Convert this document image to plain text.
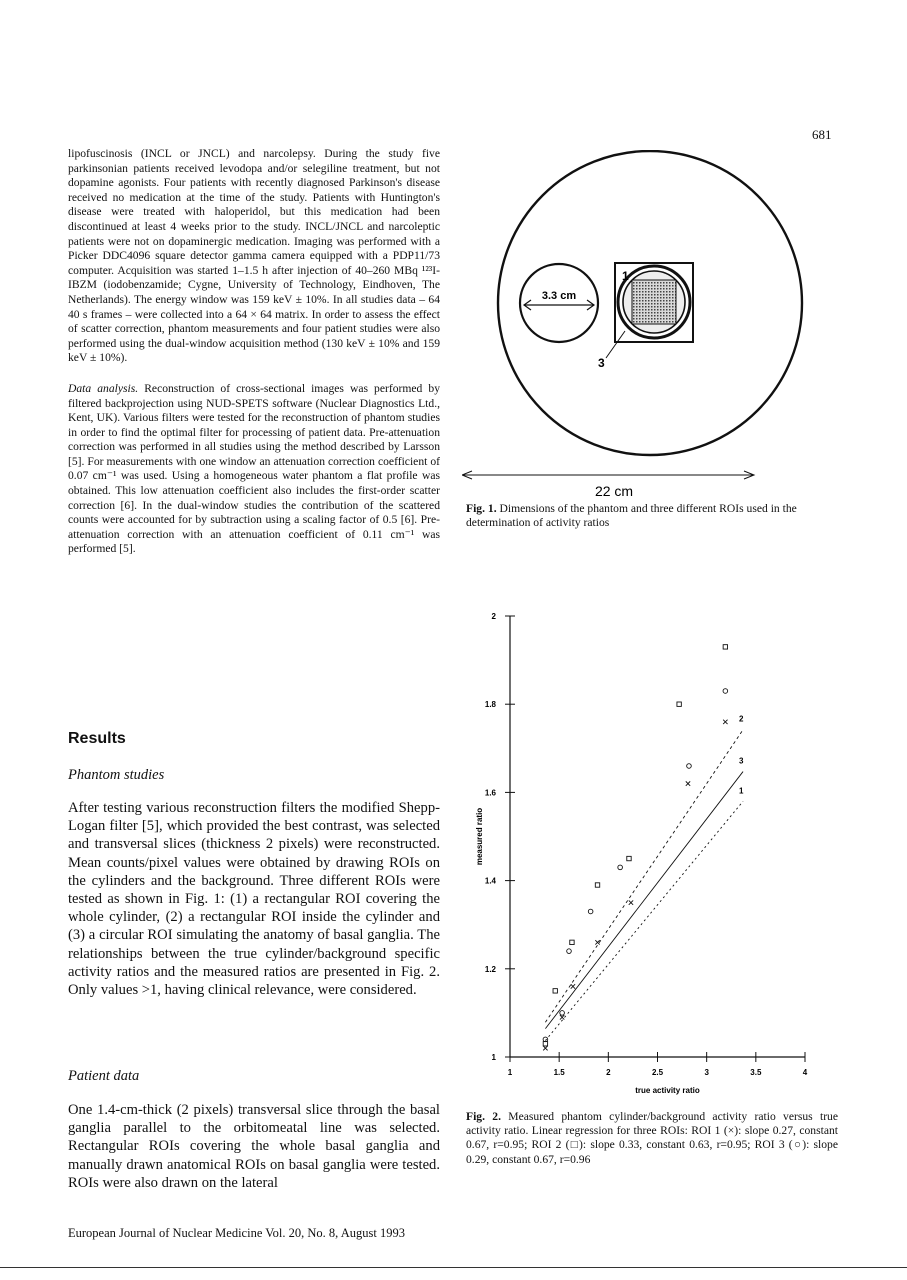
681

lipofuscinosis (INCL or JNCL) and narcolepsy. During the study five parkinsonian patients received levodopa and/or selegiline treatment, but not dopamine agonists. Four patients with recently diagnosed Parkinson's disease received no medication at the time of the study. Patients with Huntington's disease were treated with haloperidol, but this medication had been discontinued at least 4 weeks prior to the study. INCL/JNCL and narcoleptic patients were not on dopaminergic medication. Imaging was performed with a Picker DDC4096 square detector gamma camera equipped with a PDP11/73 computer. Acquisition was started 1–1.5 h after injection of 40–260 MBq ¹²³I-IBZM (iodobenzamide; Cygne, University of Technology, Eindhoven, The Netherlands). The energy window was 159 keV ± 10%. In all studies data – 64 40 s frames – were collected into a 64 × 64 matrix. In order to assess the effect of scatter correction, phantom measurements and four patient studies were also performed using the dual-window acquisition method (130 keV ± 10% and 159 keV ± 10%).

Data analysis. Reconstruction of cross-sectional images was performed by filtered backprojection using NUD-SPETS software (Nuclear Diagnostics Ltd., Kent, UK). Various filters were tested for the reconstruction of phantom studies in order to find the optimal filter for processing of patient data. Pre-attenuation correction was performed in all studies using the method described by Larsson [5]. For measurements with one window an attenuation correction coefficient of 0.07 cm⁻¹ was used. Using a homogeneous water phantom a flat profile was obtained. This low attenuation coefficient also includes the first-order scatter correction [6]. In the dual-window studies the contribution of the scattered counts were accounted for by subtraction using a scaling factor of 0.5 [6]. Pre-attenuation correction with an attenuation coefficient of 0.11 cm⁻¹ was performed [5].

Results
Phantom studies

After testing various reconstruction filters the modified Shepp-Logan filter [5], which provided the best contrast, was selected and transversal slices (thickness 2 pixels) were reconstructed. Mean counts/pixel values were obtained by drawing ROIs on the cylinders and the background. Three different ROIs were tested as shown in Fig. 1: (1) a rectangular ROI covering the whole cylinder, (2) a rectangular ROI inside the cylinder and (3) a circular ROI simulating the anatomy of basal ganglia. The relationships between the true cylinder/background specific activity ratios and the measured ratios are presented in Fig. 2. Only values >1, having clinical relevance, were considered.

Patient data

One 1.4-cm-thick (2 pixels) transversal slice through the basal ganglia parallel to the orbitomeatal line was selected. Rectangular ROIs covering the whole basal ganglia and manually drawn anatomical ROIs on basal ganglia were tested. ROIs were also drawn on the lateral

European Journal of Nuclear Medicine Vol. 20, No. 8, August 1993
3.3 cm
1
3
22 cm
Fig. 1. Dimensions of the phantom and three different ROIs used in the determination of activity ratios
1	1.5	2	2.5	3	3.5	4
1
1.2
1.4
1.6
1.8
2
true activity ratio
measured ratio
1
2
3
Fig. 2. Measured phantom cylinder/background activity ratio versus true activity ratio. Linear regression for three ROIs: ROI 1 (×): slope 0.27, constant 0.67, r=0.95; ROI 2 (□): slope 0.33, constant 0.63, r=0.95; ROI 3 (○): slope 0.29, constant 0.67, r=0.96
